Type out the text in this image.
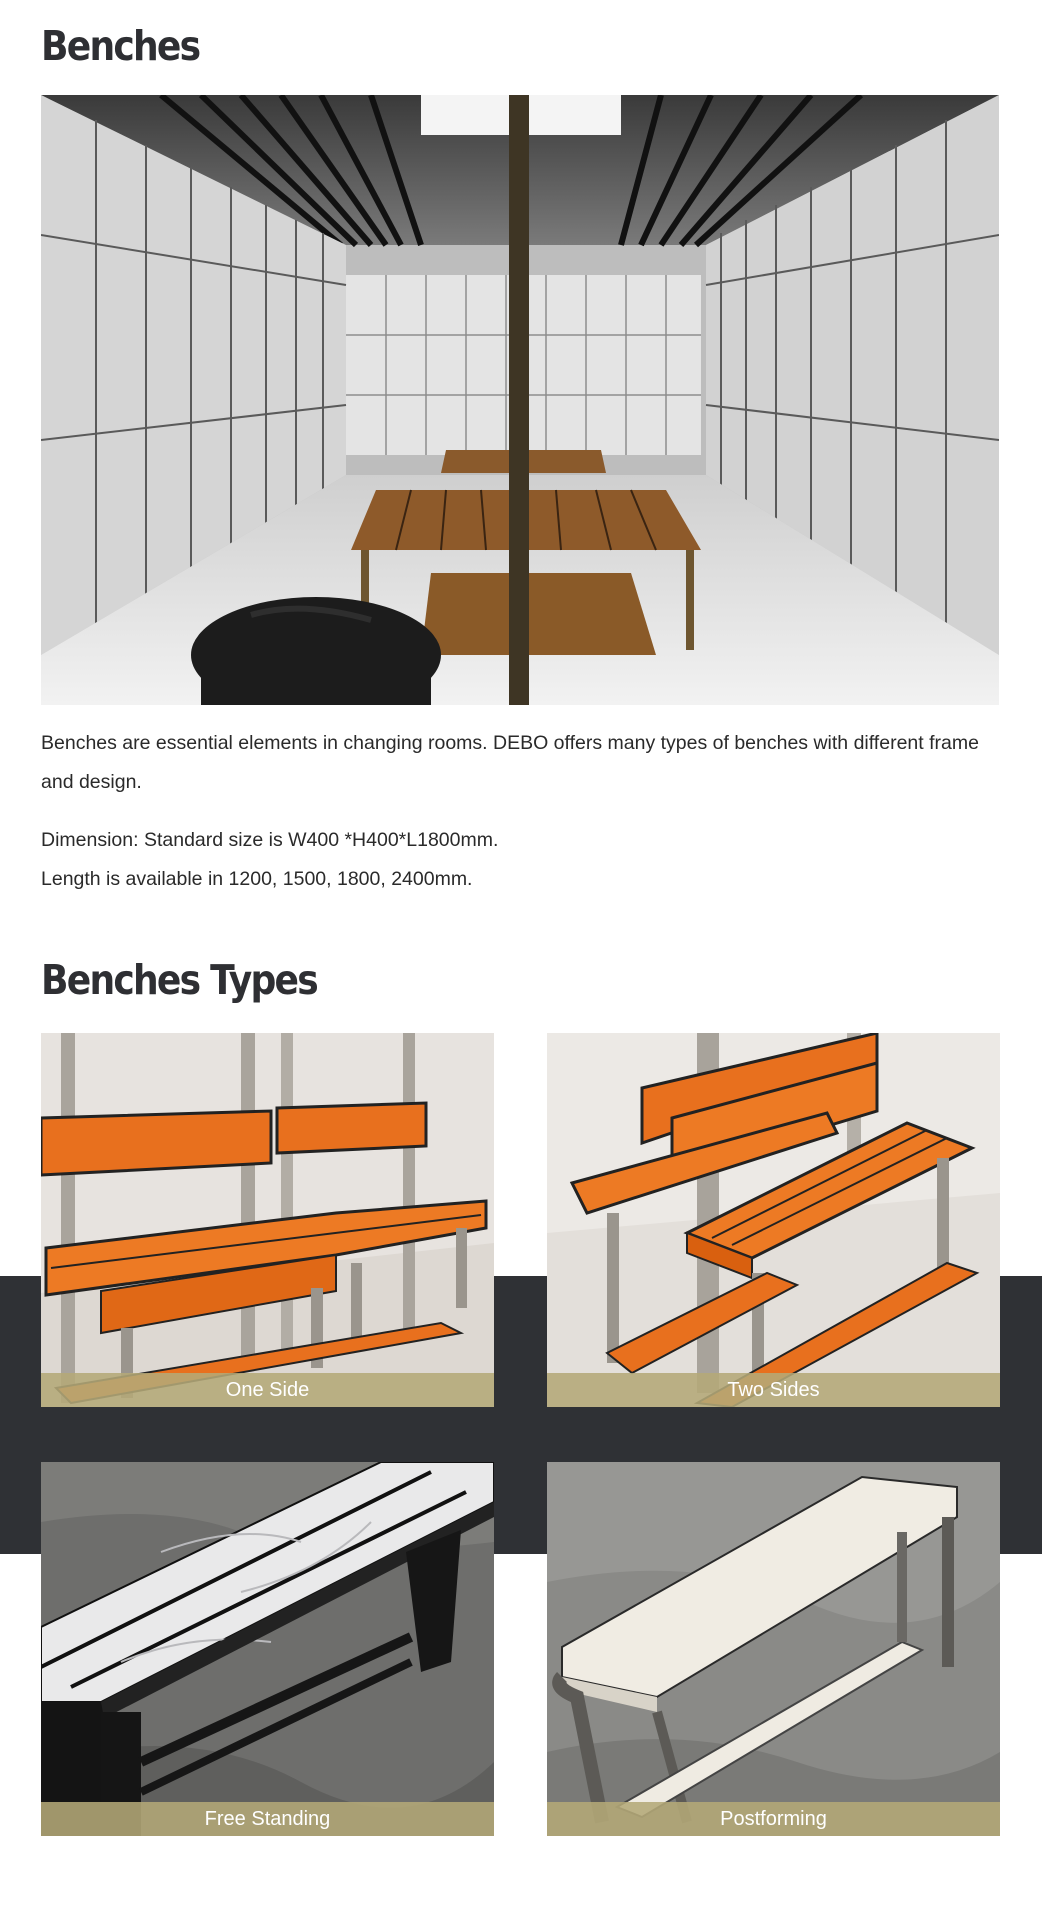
Benches

Benches are essential elements in changing rooms. DEBO offers many types of benches with different frame and design.

Dimension: Standard size is W400 *H400*L1800mm.

Length is available in 1200, 1500, 1800, 2400mm.

Benches Types
One Side	Two Sides
Free Standing	Postforming
